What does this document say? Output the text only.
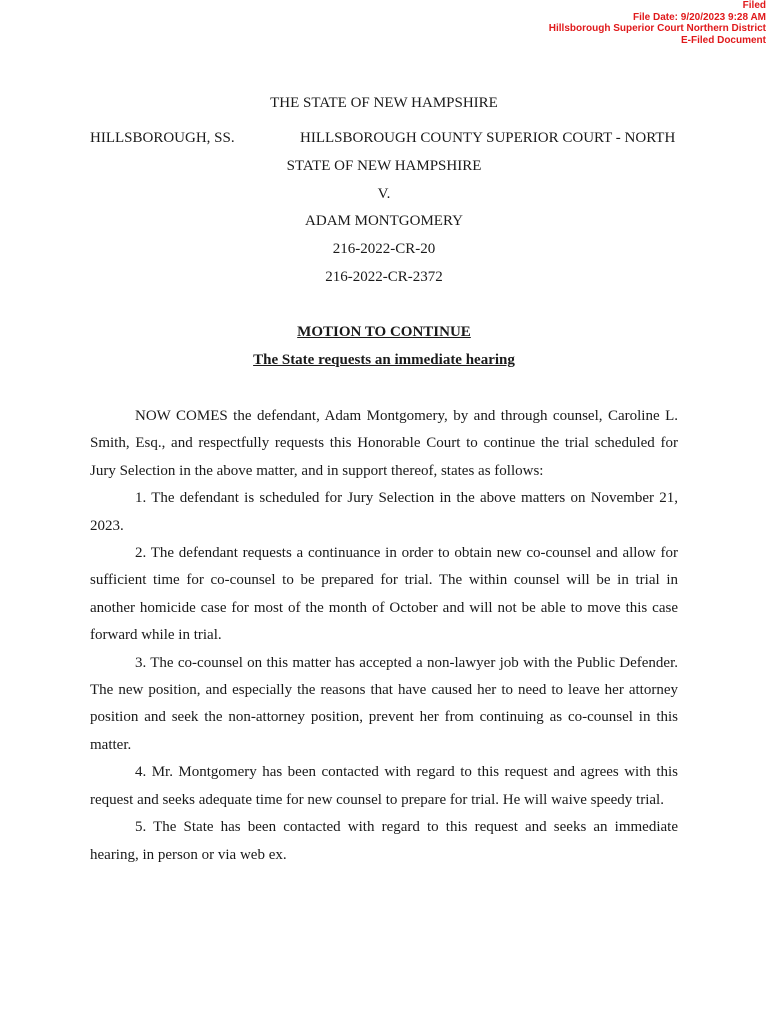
Filed
File Date: 9/20/2023 9:28 AM
Hillsborough Superior Court Northern District
E-Filed Document
THE STATE OF NEW HAMPSHIRE
HILLSBOROUGH, SS.	HILLSBOROUGH COUNTY SUPERIOR COURT - NORTH
STATE OF NEW HAMPSHIRE
V.
ADAM MONTGOMERY
216-2022-CR-20
216-2022-CR-2372
MOTION TO CONTINUE
The State requests an immediate hearing

NOW COMES the defendant, Adam Montgomery, by and through counsel, Caroline L. Smith, Esq., and respectfully requests this Honorable Court to continue the trial scheduled for Jury Selection in the above matter, and in support thereof, states as follows:

1. The defendant is scheduled for Jury Selection in the above matters on November 21, 2023.

2. The defendant requests a continuance in order to obtain new co-counsel and allow for sufficient time for co-counsel to be prepared for trial. The within counsel will be in trial in another homicide case for most of the month of October and will not be able to move this case forward while in trial.

3. The co-counsel on this matter has accepted a non-lawyer job with the Public Defender. The new position, and especially the reasons that have caused her to need to leave her attorney position and seek the non-attorney position, prevent her from continuing as co-counsel in this matter.

4. Mr. Montgomery has been contacted with regard to this request and agrees with this request and seeks adequate time for new counsel to prepare for trial. He will waive speedy trial.

5. The State has been contacted with regard to this request and seeks an immediate hearing, in person or via web ex.
